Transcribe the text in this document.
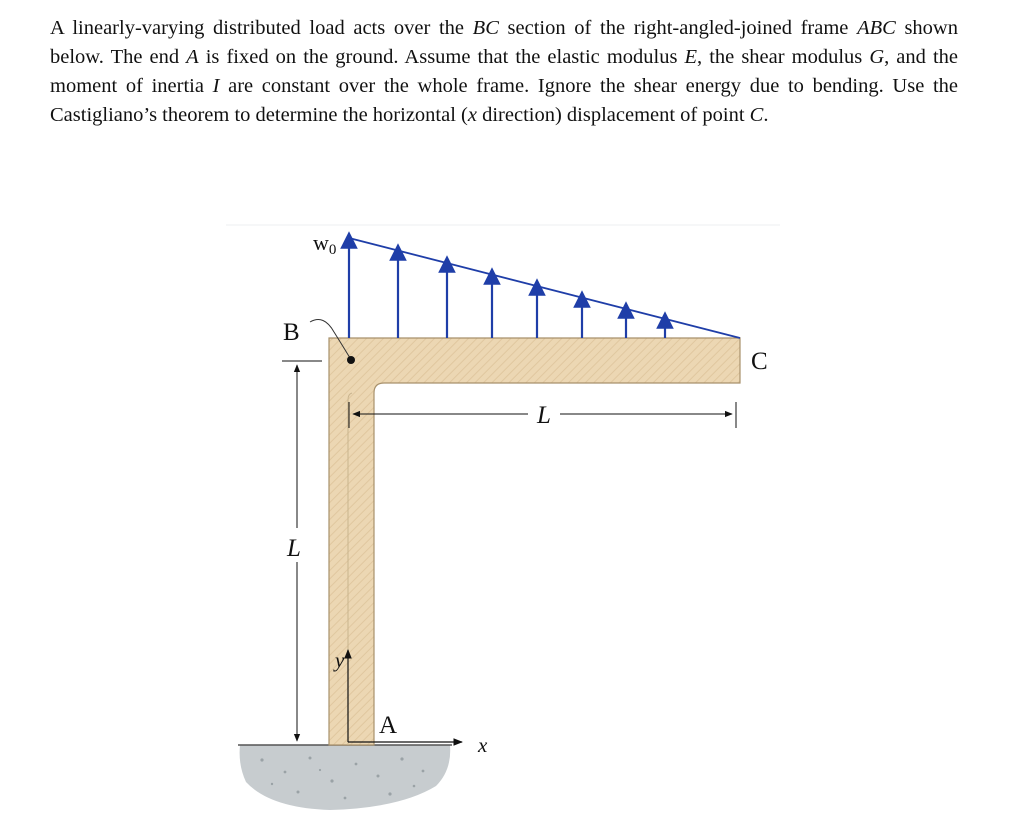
A linearly-varying distributed load acts over the BC section of the right-angled-joined frame ABC shown below. The end A is fixed on the ground. Assume that the elastic modulus E, the shear modulus G, and the moment of inertia I are constant over the whole frame. Ignore the shear energy due to bending. Use the Castigliano’s theorem to determine the horizontal (x direction) displacement of point C.

w0
B
C
L
L
y
x
A
